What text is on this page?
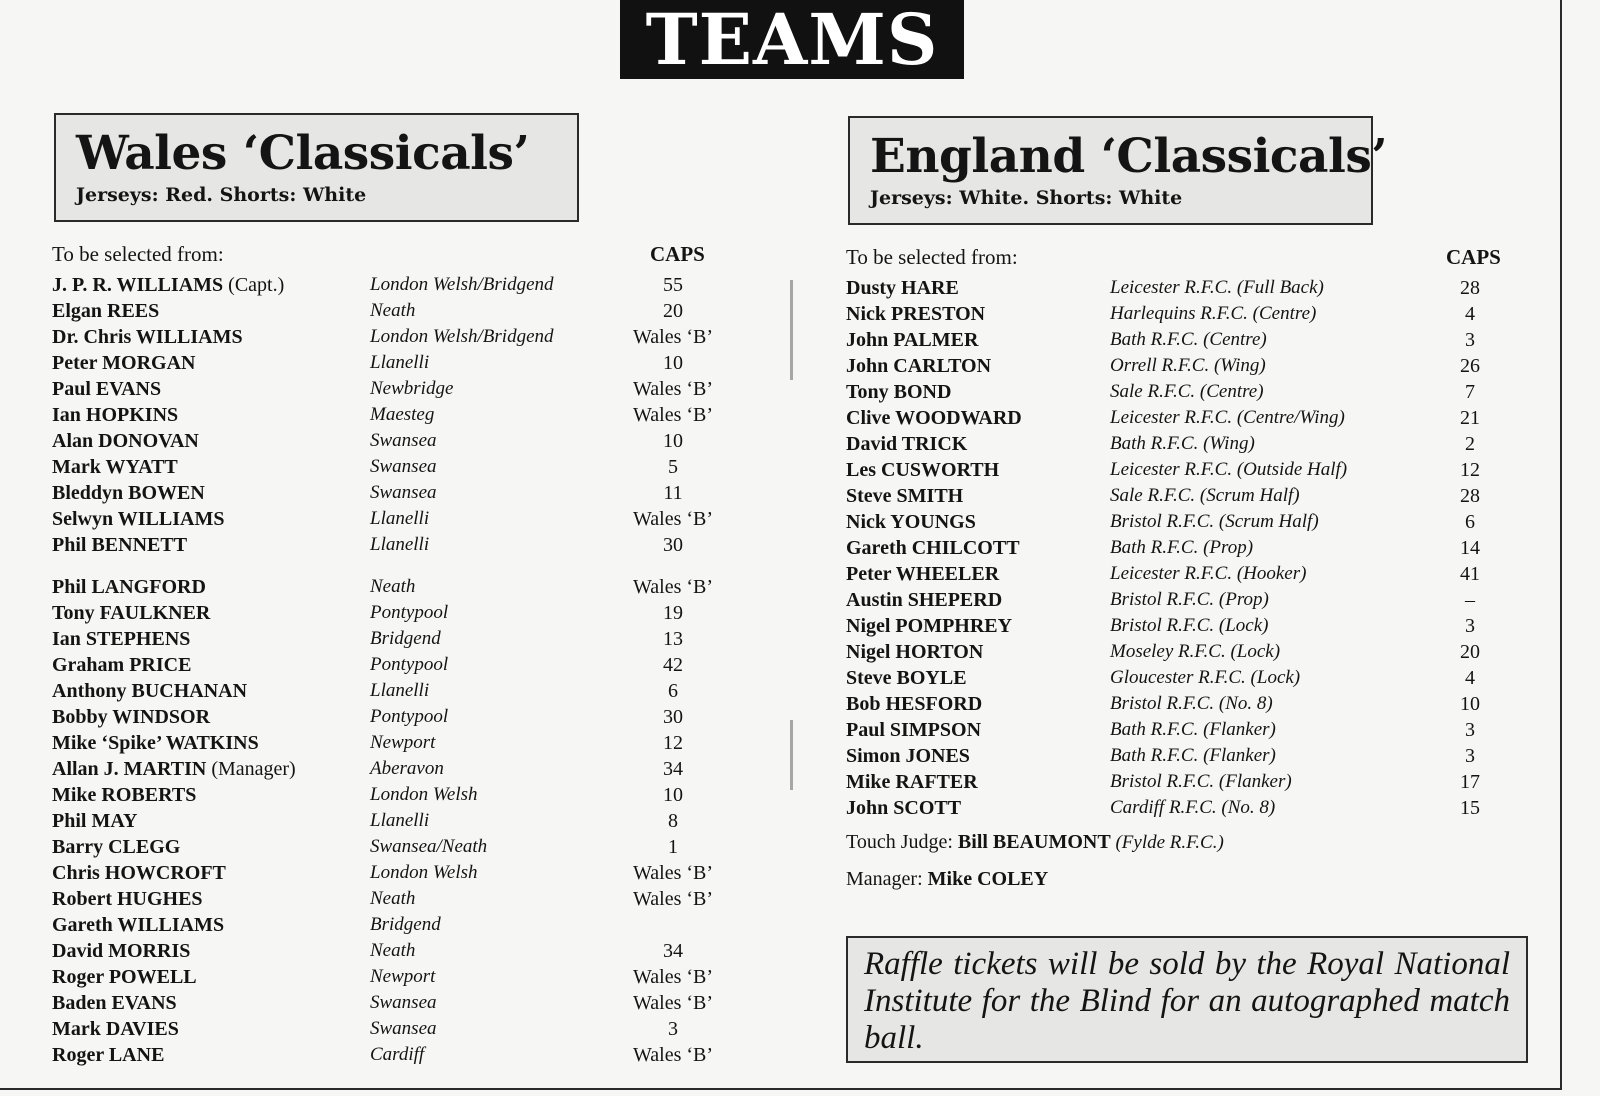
TEAMS
Wales ‘Classicals’
Jerseys: Red. Shorts: White
To be selected from:	CAPS
J. P. R. WILLIAMS (Capt.)	London Welsh/Bridgend	55
Elgan REES	Neath	20
Dr. Chris WILLIAMS	London Welsh/Bridgend	Wales ‘B’
Peter MORGAN	Llanelli	10
Paul EVANS	Newbridge	Wales ‘B’
Ian HOPKINS	Maesteg	Wales ‘B’
Alan DONOVAN	Swansea	10
Mark WYATT	Swansea	5
Bleddyn BOWEN	Swansea	11
Selwyn WILLIAMS	Llanelli	Wales ‘B’
Phil BENNETT	Llanelli	30
Phil LANGFORD	Neath	Wales ‘B’
Tony FAULKNER	Pontypool	19
Ian STEPHENS	Bridgend	13
Graham PRICE	Pontypool	42
Anthony BUCHANAN	Llanelli	6
Bobby WINDSOR	Pontypool	30
Mike ‘Spike’ WATKINS	Newport	12
Allan J. MARTIN (Manager)	Aberavon	34
Mike ROBERTS	London Welsh	10
Phil MAY	Llanelli	8
Barry CLEGG	Swansea/Neath	1
Chris HOWCROFT	London Welsh	Wales ‘B’
Robert HUGHES	Neath	Wales ‘B’
Gareth WILLIAMS	Bridgend
David MORRIS	Neath	34
Roger POWELL	Newport	Wales ‘B’
Baden EVANS	Swansea	Wales ‘B’
Mark DAVIES	Swansea	3
Roger LANE	Cardiff	Wales ‘B’
England ‘Classicals’
Jerseys: White. Shorts: White
To be selected from:	CAPS
Dusty HARE	Leicester R.F.C. (Full Back)	28
Nick PRESTON	Harlequins R.F.C. (Centre)	4
John PALMER	Bath R.F.C. (Centre)	3
John CARLTON	Orrell R.F.C. (Wing)	26
Tony BOND	Sale R.F.C. (Centre)	7
Clive WOODWARD	Leicester R.F.C. (Centre/Wing)	21
David TRICK	Bath R.F.C. (Wing)	2
Les CUSWORTH	Leicester R.F.C. (Outside Half)	12
Steve SMITH	Sale R.F.C. (Scrum Half)	28
Nick YOUNGS	Bristol R.F.C. (Scrum Half)	6
Gareth CHILCOTT	Bath R.F.C. (Prop)	14
Peter WHEELER	Leicester R.F.C. (Hooker)	41
Austin SHEPERD	Bristol R.F.C. (Prop)	–
Nigel POMPHREY	Bristol R.F.C. (Lock)	3
Nigel HORTON	Moseley R.F.C. (Lock)	20
Steve BOYLE	Gloucester R.F.C. (Lock)	4
Bob HESFORD	Bristol R.F.C. (No. 8)	10
Paul SIMPSON	Bath R.F.C. (Flanker)	3
Simon JONES	Bath R.F.C. (Flanker)	3
Mike RAFTER	Bristol R.F.C. (Flanker)	17
John SCOTT	Cardiff R.F.C. (No. 8)	15
Touch Judge: Bill BEAUMONT (Fylde R.F.C.)
Manager: Mike COLEY

Raffle tickets will be sold by the Royal National Institute for the Blind for an autographed match ball.
